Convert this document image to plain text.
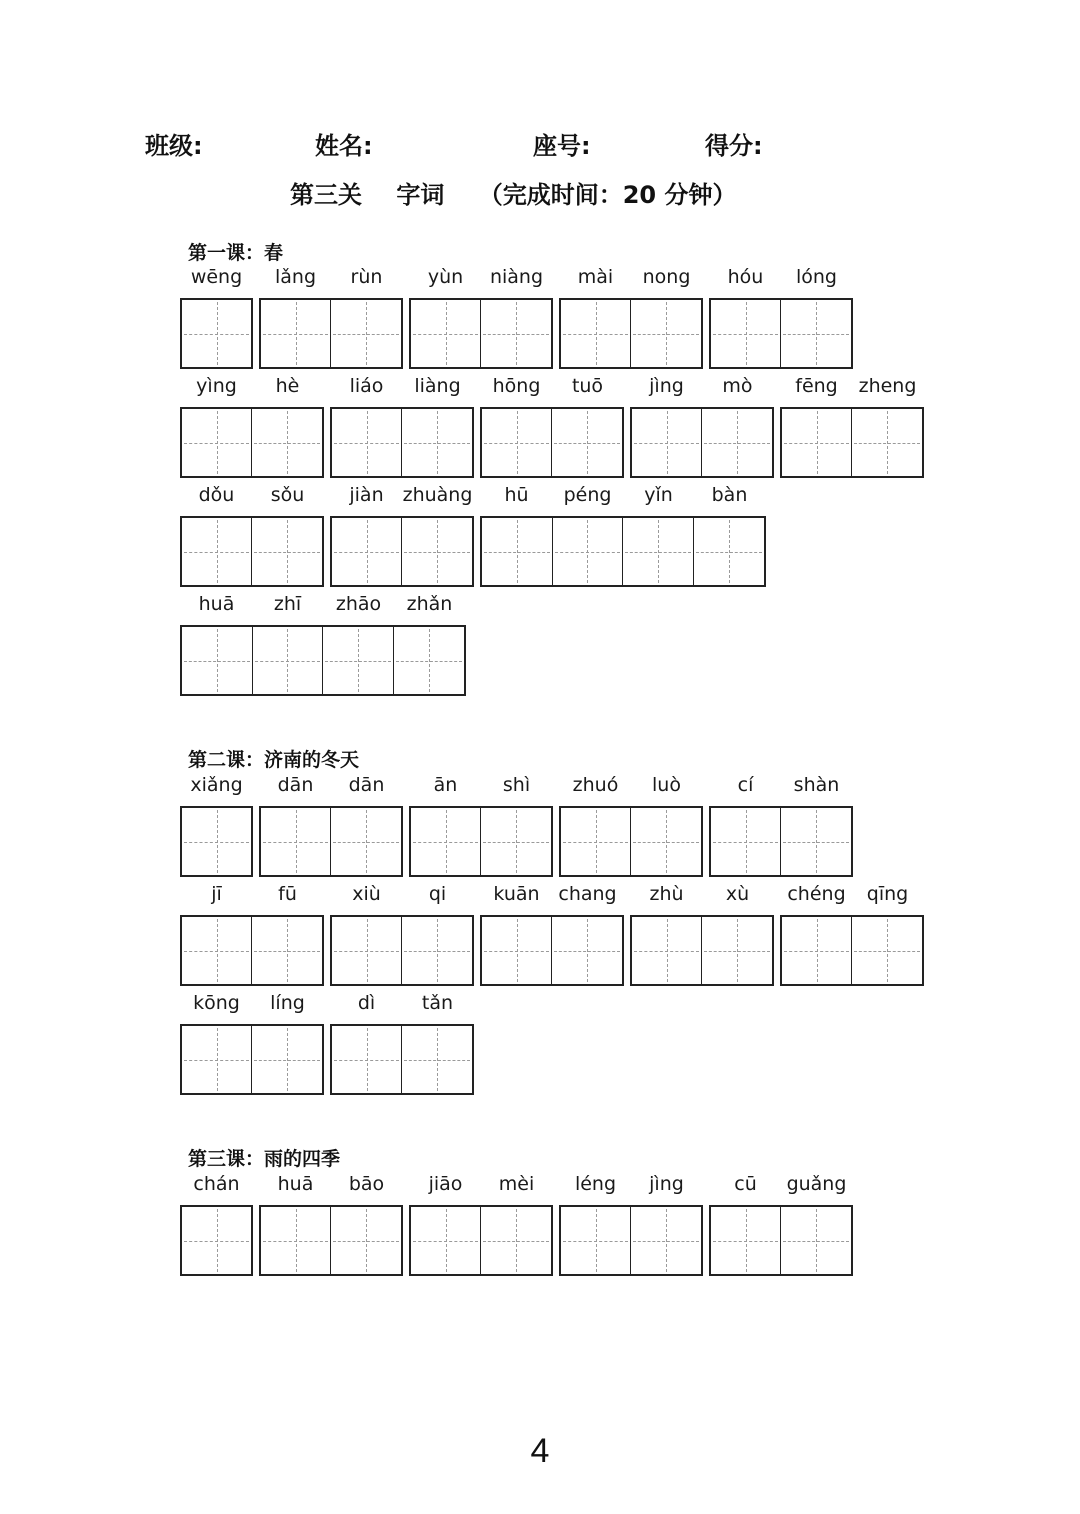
班级:	姓名:	座号:	得分:
第三关 字词 （完成时间：20 分钟）
第一课：春
wēng	lǎng	rùn	yùn	niàng	mài	nong	hóu	lóng
yìng	hè	liáo	liàng	hōng	tuō	jìng	mò	fēng	zheng
dǒu	sǒu	jiàn zhuàng	hū	péng	yǐn	bàn
huā	zhī	zhāo	zhǎn
第二课：济南的冬天
xiǎng	dān	dān	ān	shì	zhuó	luò	cí	shàn
jī	fū	xiù	qi	kuān chang	zhù	xù	chéng	qīng
kōng	líng	dì	tǎn
第三课：雨的四季
chán	huā	bāo	jiāo	mèi	léng	jìng	cū	guǎng
4
